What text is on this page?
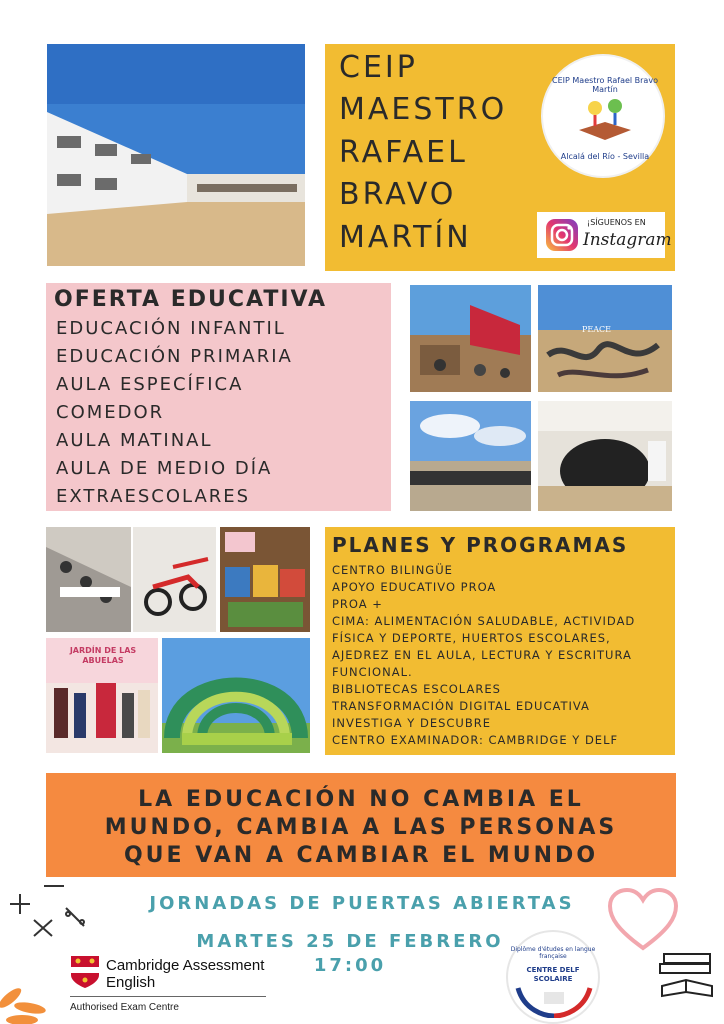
CEIP
MAESTRO
RAFAEL
BRAVO
MARTÍN
CEIP Maestro Rafael Bravo Martín
Alcalá del Río - Sevilla
¡SÍGUENOS EN
Instagram
OFERTA EDUCATIVA
EDUCACIÓN INFANTIL
EDUCACIÓN PRIMARIA
AULA ESPECÍFICA
COMEDOR
AULA MATINAL
AULA DE MEDIO DÍA
EXTRAESCOLARES
PEACE
JARDÍN DE LAS ABUELAS
PLANES Y PROGRAMAS
CENTRO BILINGÜE
APOYO EDUCATIVO PROA
PROA +
CIMA: ALIMENTACIÓN SALUDABLE, ACTIVIDAD
FÍSICA Y DEPORTE, HUERTOS ESCOLARES,
AJEDREZ EN EL AULA, LECTURA Y ESCRITURA
FUNCIONAL.
BIBLIOTECAS ESCOLARES
TRANSFORMACIÓN DIGITAL EDUCATIVA
INVESTIGA Y DESCUBRE
CENTRO EXAMINADOR: CAMBRIDGE Y DELF
LA EDUCACIÓN NO CAMBIA EL
MUNDO, CAMBIA A LAS PERSONAS
QUE VAN A CAMBIAR EL MUNDO
JORNADAS DE PUERTAS ABIERTAS
MARTES 25 DE FEBRERO
17:00
Cambridge Assessment
English
Authorised Exam Centre
Diplôme d'études en langue française
CENTRE DELF SCOLAIRE
